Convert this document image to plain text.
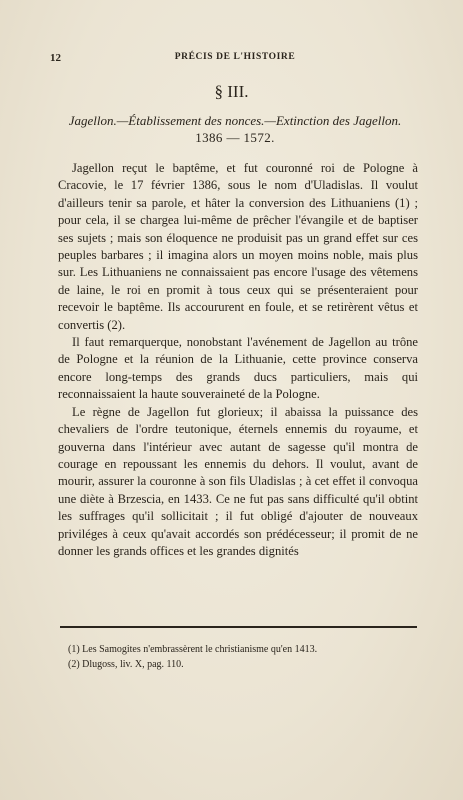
12	PRÉCIS DE L'HISTOIRE
§ III.
Jagellon.—Établissement des nonces.—Extinction des Jagellon.
1386 — 1572.

Jagellon reçut le baptême, et fut couronné roi de Pologne à Cracovie, le 17 février 1386, sous le nom d'Uladislas. Il voulut d'ailleurs tenir sa parole, et hâter la conversion des Lithuaniens (1) ; pour cela, il se chargea lui-même de prêcher l'évangile et de baptiser ses sujets ; mais son éloquence ne produisit pas un grand effet sur ces peuples barbares ; il imagina alors un moyen moins noble, mais plus sur. Les Lithuaniens ne connaissaient pas encore l'usage des vêtemens de laine, le roi en promit à tous ceux qui se présenteraient pour recevoir le baptême. Ils accoururent en foule, et se retirèrent vêtus et convertis (2).

Il faut remarquerque, nonobstant l'avénement de Jagellon au trône de Pologne et la réunion de la Lithuanie, cette province conserva encore long-temps des grands ducs particuliers, mais qui reconnaissaient la haute souveraineté de la Pologne.

Le règne de Jagellon fut glorieux; il abaissa la puissance des chevaliers de l'ordre teutonique, éternels ennemis du royaume, et gouverna dans l'intérieur avec autant de sagesse qu'il montra de courage en repoussant les ennemis du dehors. Il voulut, avant de mourir, assurer la couronne à son fils Uladislas ; à cet effet il convoqua une diète à Brzescia, en 1433. Ce ne fut pas sans difficulté qu'il obtint les suffrages qu'il sollicitait ; il fut obligé d'ajouter de nouveaux priviléges à ceux qu'avait accordés son prédécesseur; il promit de ne donner les grands offices et les grandes dignités

(1) Les Samogites n'embrassèrent le christianisme qu'en 1413.
(2) Dlugoss, liv. X, pag. 110.
